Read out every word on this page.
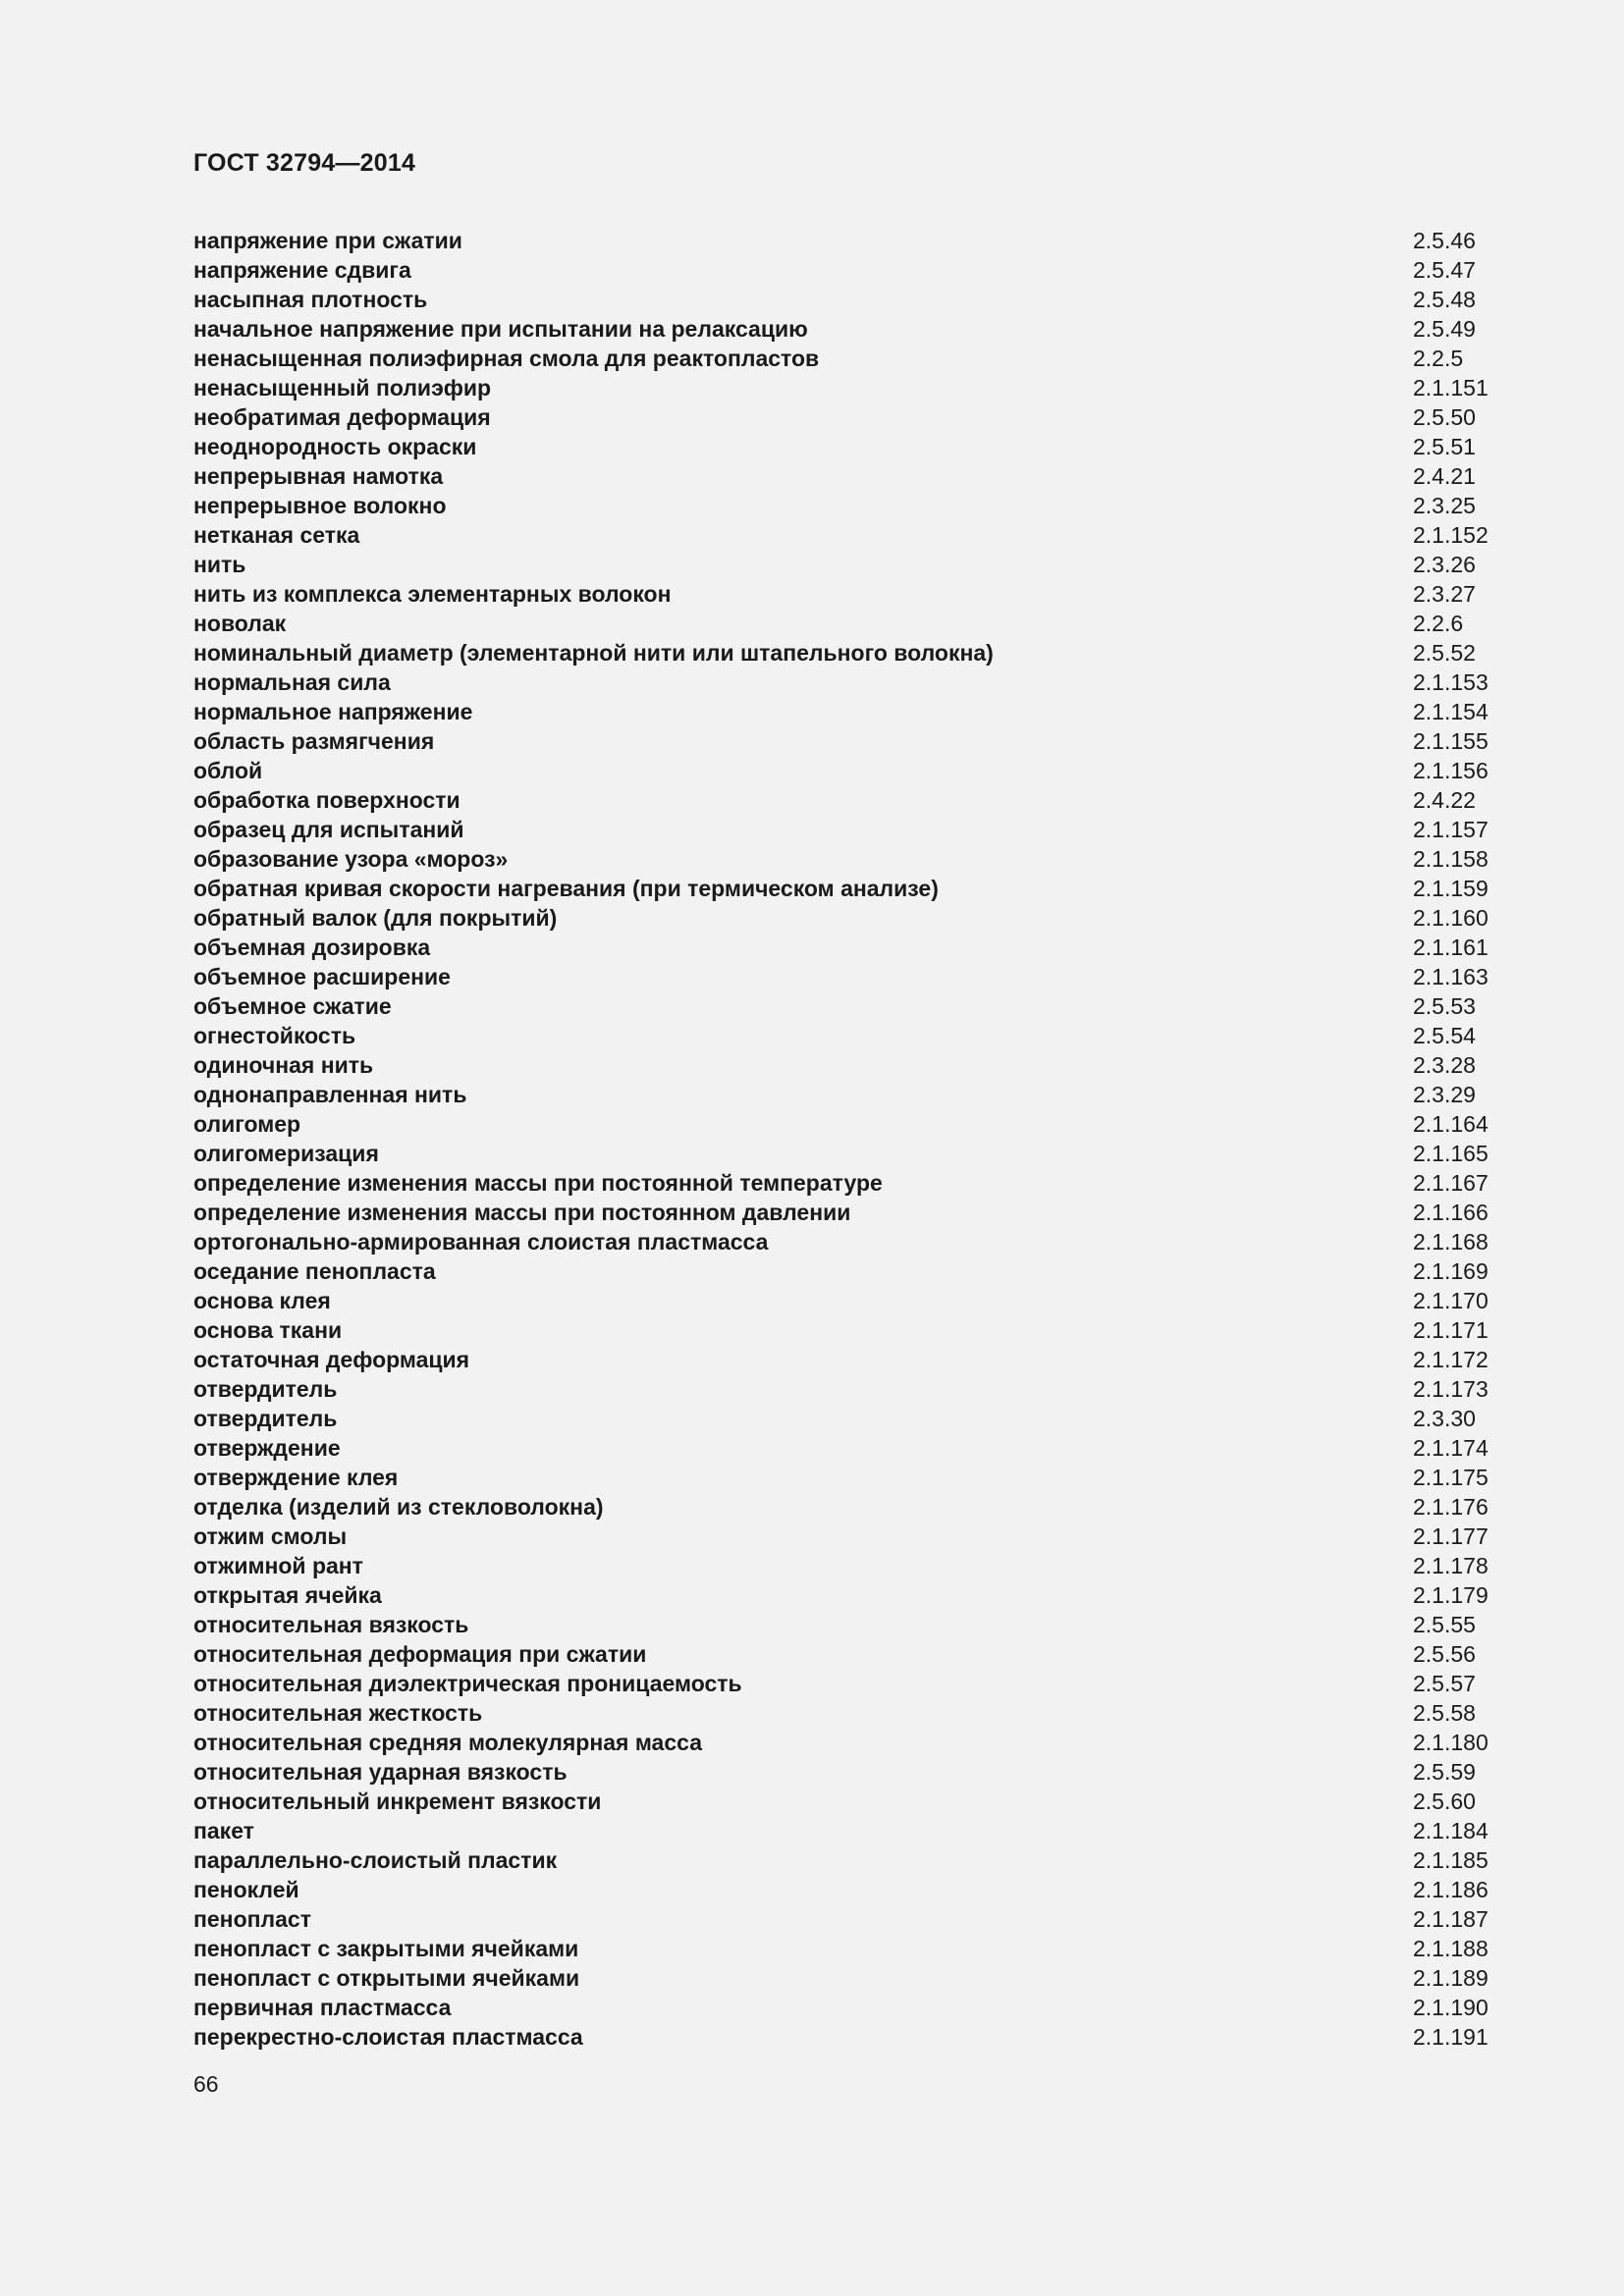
ГОСТ 32794—2014
напряжение при сжатии	2.5.46
напряжение сдвига	2.5.47
насыпная плотность	2.5.48
начальное напряжение при испытании на релаксацию	2.5.49
ненасыщенная полиэфирная смола для реактопластов	2.2.5
ненасыщенный полиэфир	2.1.151
необратимая деформация	2.5.50
неоднородность окраски	2.5.51
непрерывная намотка	2.4.21
непрерывное волокно	2.3.25
нетканая сетка	2.1.152
нить	2.3.26
нить из комплекса элементарных волокон	2.3.27
новолак	2.2.6
номинальный диаметр (элементарной нити или штапельного волокна)	2.5.52
нормальная сила	2.1.153
нормальное напряжение	2.1.154
область размягчения	2.1.155
облой	2.1.156
обработка поверхности	2.4.22
образец для испытаний	2.1.157
образование узора «мороз»	2.1.158
обратная кривая скорости нагревания (при термическом анализе)	2.1.159
обратный валок (для покрытий)	2.1.160
объемная дозировка	2.1.161
объемное расширение	2.1.163
объемное сжатие	2.5.53
огнестойкость	2.5.54
одиночная нить	2.3.28
однонаправленная нить	2.3.29
олигомер	2.1.164
олигомеризация	2.1.165
определение изменения массы при постоянной температуре	2.1.167
определение изменения массы при постоянном давлении	2.1.166
ортогонально-армированная слоистая пластмасса	2.1.168
оседание пенопласта	2.1.169
основа клея	2.1.170
основа ткани	2.1.171
остаточная деформация	2.1.172
отвердитель	2.1.173
отвердитель	2.3.30
отверждение	2.1.174
отверждение клея	2.1.175
отделка (изделий из стекловолокна)	2.1.176
отжим смолы	2.1.177
отжимной рант	2.1.178
открытая ячейка	2.1.179
относительная вязкость	2.5.55
относительная деформация при сжатии	2.5.56
относительная диэлектрическая проницаемость	2.5.57
относительная жесткость	2.5.58
относительная средняя молекулярная масса	2.1.180
относительная ударная вязкость	2.5.59
относительный инкремент вязкости	2.5.60
пакет	2.1.184
параллельно-слоистый пластик	2.1.185
пеноклей	2.1.186
пенопласт	2.1.187
пенопласт с закрытыми ячейками	2.1.188
пенопласт с открытыми ячейками	2.1.189
первичная пластмасса	2.1.190
перекрестно-слоистая пластмасса	2.1.191
66
